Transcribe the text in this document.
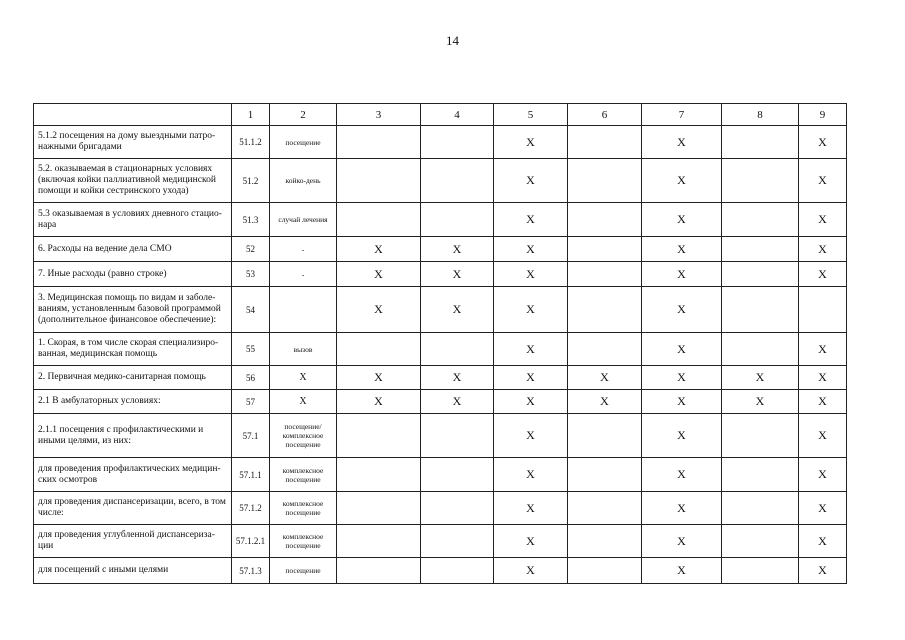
14
	1	2	3	4	5	6	7	8	9
5.1.2 посещения на дому выездными патро-нажными бригадами	51.1.2	посещение			X		X		X
5.2. оказываемая в стационарных условиях (включая койки паллиативной медицинской помощи и койки сестринского ухода)	51.2	койко-день			X		X		X
5.3 оказываемая в условиях дневного стацио-нара	51.3	случай лечения			X		X		X
6. Расходы на ведение дела СМО	52	-	X	X	X		X		X
7. Иные расходы (равно строке)	53	-	X	X	X		X		X
3. Медицинская помощь по видам и заболе-ваниям, установленным базовой программой (дополнительное финансовое обеспечение):	54		X	X	X		X		
1. Скорая, в том числе скорая специализиро-ванная, медицинская помощь	55	вызов			X		X		X
2. Первичная медико-санитарная помощь	56	X	X	X	X	X	X	X	X
2.1 В амбулаторных условиях:	57	X	X	X	X	X	X	X	X
2.1.1 посещения с профилактическими и иными целями, из них:	57.1	посещение/ комплексное посещение			X		X		X
для проведения профилактических медицин-ских осмотров	57.1.1	комплексное посещение			X		X		X
для проведения диспансеризации, всего, в том числе:	57.1.2	комплексное посещение			X		X		X
для проведения углубленной диспансериза-ции	57.1.2.1	комплексное посещение			X		X		X
для посещений с иными целями	57.1.3	посещение			X		X		X
